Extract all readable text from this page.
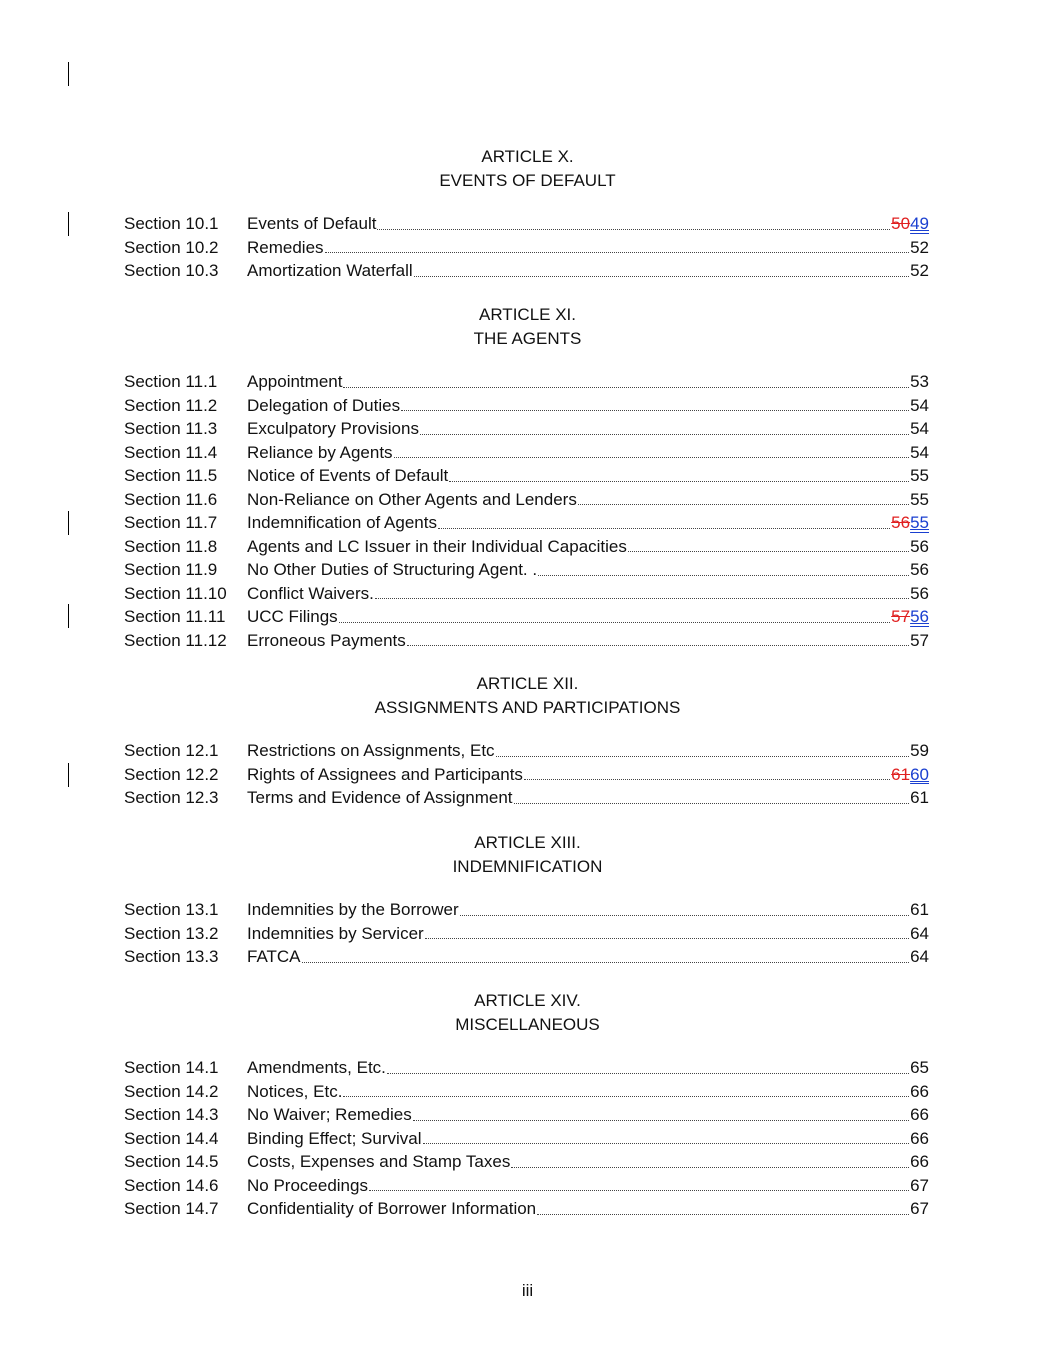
ARTICLE X.
EVENTS OF DEFAULT
Section 10.1	Events of Default	5049
Section 10.2	Remedies	52
Section 10.3	Amortization Waterfall	52
ARTICLE XI.
THE AGENTS
Section 11.1	Appointment	53
Section 11.2	Delegation of Duties	54
Section 11.3	Exculpatory Provisions	54
Section 11.4	Reliance by Agents	54
Section 11.5	Notice of Events of Default	55
Section 11.6	Non-Reliance on Other Agents and Lenders	55
Section 11.7	Indemnification of Agents	5655
Section 11.8	Agents and LC Issuer in their Individual Capacities	56
Section 11.9	No Other Duties of Structuring Agent. .	56
Section 11.10	Conflict Waivers.	56
Section 11.11	UCC Filings	5756
Section 11.12	Erroneous Payments	57
ARTICLE XII.
ASSIGNMENTS AND PARTICIPATIONS
Section 12.1	Restrictions on Assignments, Etc	59
Section 12.2	Rights of Assignees and Participants	6160
Section 12.3	Terms and Evidence of Assignment	61
ARTICLE XIII.
INDEMNIFICATION
Section 13.1	Indemnities by the Borrower	61
Section 13.2	Indemnities by Servicer	64
Section 13.3	FATCA	64
ARTICLE XIV.
MISCELLANEOUS
Section 14.1	Amendments, Etc.	65
Section 14.2	Notices, Etc.	66
Section 14.3	No Waiver; Remedies	66
Section 14.4	Binding Effect; Survival	66
Section 14.5	Costs, Expenses and Stamp Taxes	66
Section 14.6	No Proceedings	67
Section 14.7	Confidentiality of Borrower Information	67
iii
